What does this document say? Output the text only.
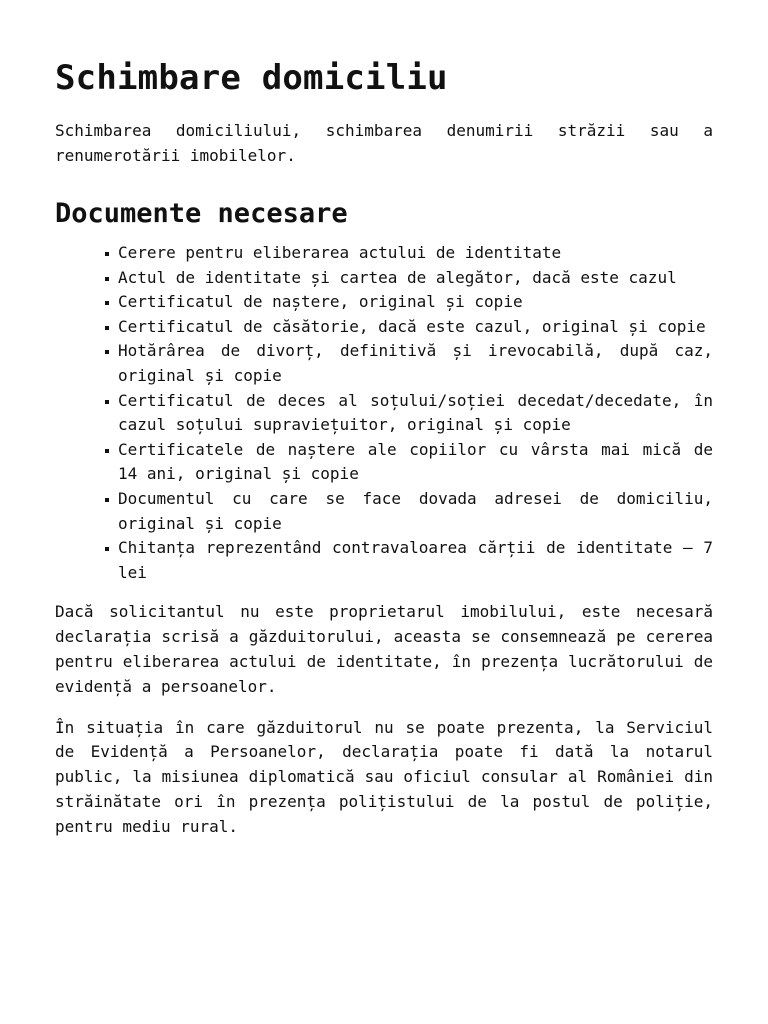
Schimbare domiciliu

Schimbarea domiciliului, schimbarea denumirii străzii sau a renumerotării imobilelor.

Documente necesare
Cerere pentru eliberarea actului de identitate
Actul de identitate și cartea de alegător, dacă este cazul
Certificatul de naștere, original și copie
Certificatul de căsătorie, dacă este cazul, original și copie
Hotărârea de divorț, definitivă și irevocabilă, după caz, original și copie
Certificatul de deces al soțului/soției decedat/decedate, în cazul soțului supraviețuitor, original și copie
Certificatele de naștere ale copiilor cu vârsta mai mică de 14 ani, original și copie
Documentul cu care se face dovada adresei de domiciliu, original și copie
Chitanța reprezentând contravaloarea cărții de identitate – 7 lei

Dacă solicitantul nu este proprietarul imobilului, este necesară declarația scrisă a găzduitorului, aceasta se consemnează pe cererea pentru eliberarea actului de identitate, în prezența lucrătorului de evidență a persoanelor.

În situația în care găzduitorul nu se poate prezenta, la Serviciul de Evidență a Persoanelor, declarația poate fi dată la notarul public, la misiunea diplomatică sau oficiul consular al României din străinătate ori în prezența polițistului de la postul de poliție, pentru mediu rural.
